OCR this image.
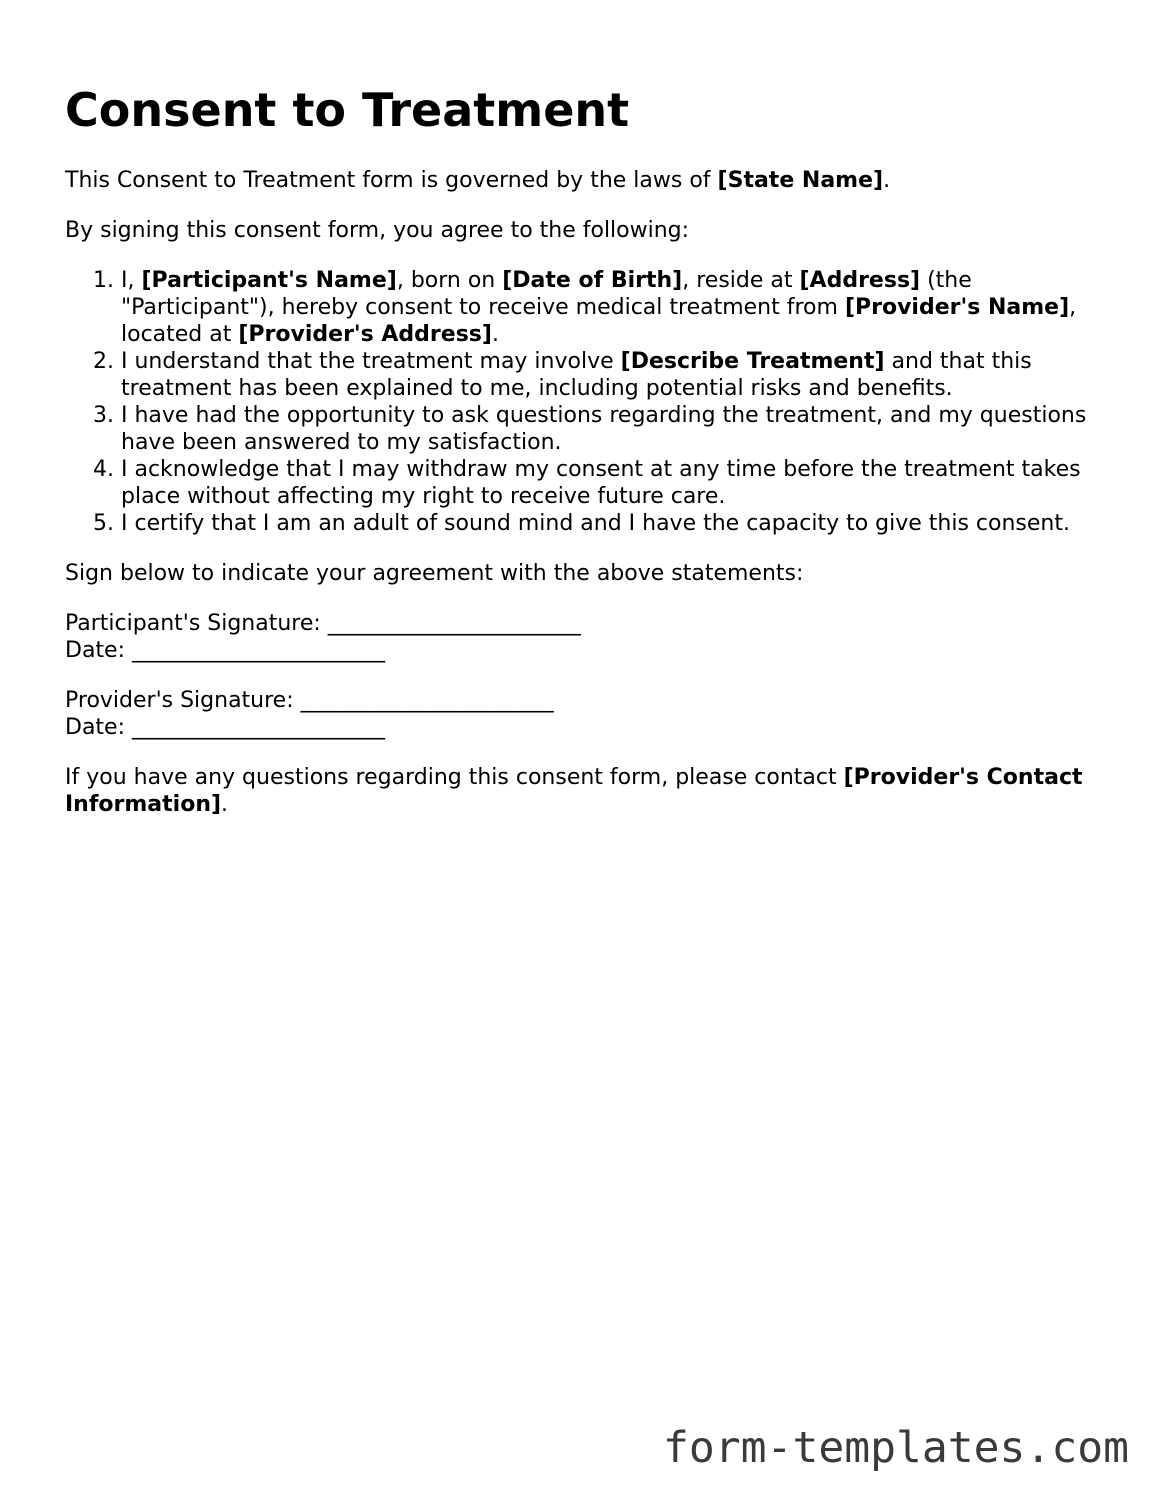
Consent to Treatment

This Consent to Treatment form is governed by the laws of [State Name].

By signing this consent form, you agree to the following:

1. I, [Participant's Name], born on [Date of Birth], reside at [Address] (the "Participant"), hereby consent to receive medical treatment from [Provider's Name], located at [Provider's Address].
2. I understand that the treatment may involve [Describe Treatment] and that this treatment has been explained to me, including potential risks and benefits.
3. I have had the opportunity to ask questions regarding the treatment, and my questions have been answered to my satisfaction.
4. I acknowledge that I may withdraw my consent at any time before the treatment takes place without affecting my right to receive future care.
5. I certify that I am an adult of sound mind and I have the capacity to give this consent.

Sign below to indicate your agreement with the above statements:

Participant's Signature: _______________________
Date: _______________________
Provider's Signature: _______________________
Date: _______________________

If you have any questions regarding this consent form, please contact [Provider's Contact Information].

form-templates.com
